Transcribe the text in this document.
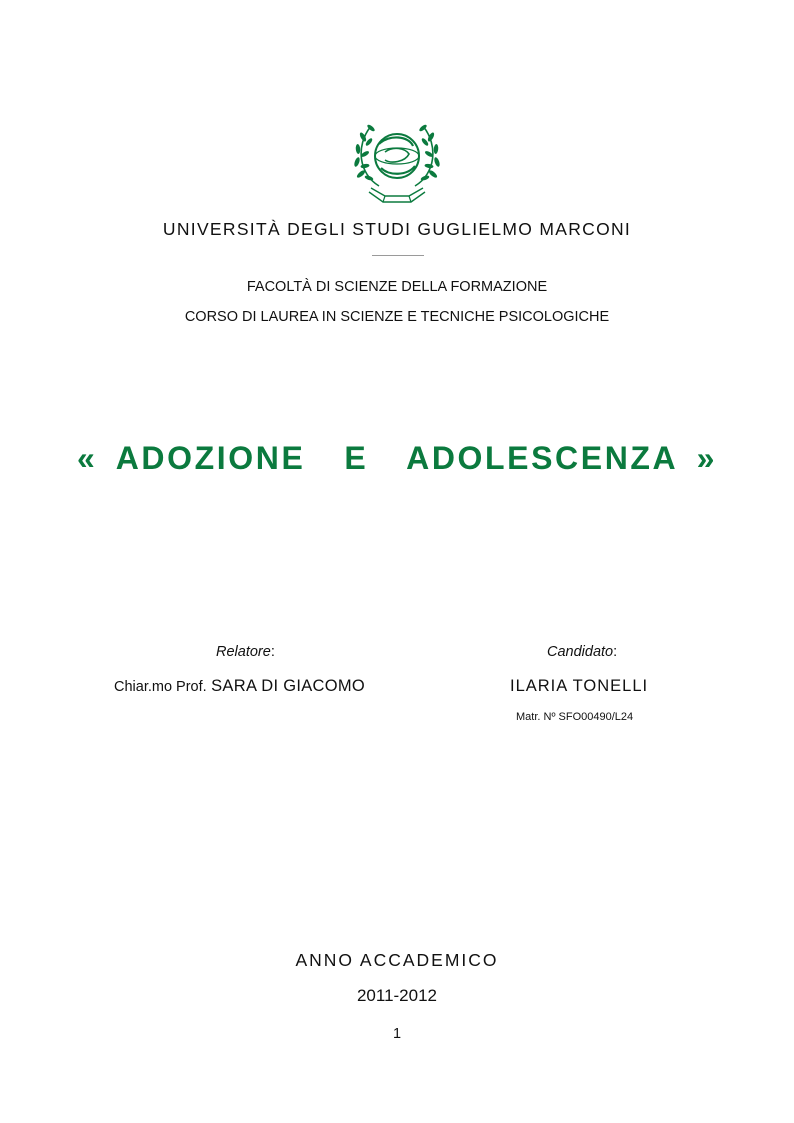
UNIVERSITÀ DEGLI STUDI GUGLIELMO MARCONI
FACOLTÀ DI SCIENZE DELLA FORMAZIONE
CORSO DI LAUREA IN SCIENZE E TECNICHE PSICOLOGICHE
« ADOZIONE  E  ADOLESCENZA »
Relatore:	Candidato:
Chiar.mo Prof. SARA DI GIACOMO	ILARIA TONELLI
Matr. Nº SFO00490/L24
ANNO ACCADEMICO
2011-2012
1
